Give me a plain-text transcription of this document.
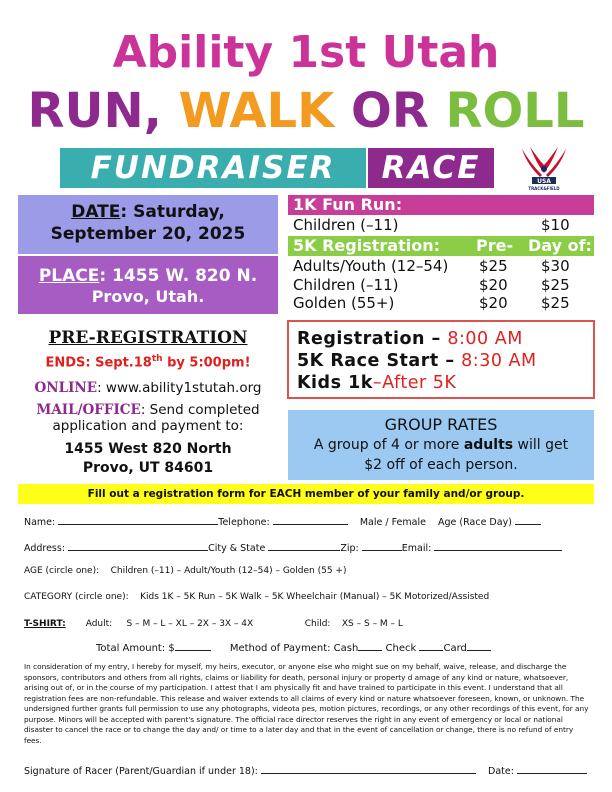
Ability 1st Utah
RUN, WALK OR ROLL
FUNDRAISER	RACE	USA
TRACK&FIELD
DATE: Saturday,
September 20, 2025
PLACE: 1455 W. 820 N.
Provo, Utah.
1K Fun Run:
Children (–11)	$10
5K Registration: Pre- Day of:
Adults/Youth (12–54) $25 $30
Children (–11)	$20 $25
Golden (55+)	$20 $25
PRE-REGISTRATION
ENDS: Sept.18th by 5:00pm!
ONLINE: www.ability1stutah.org
MAIL/OFFICE: Send completed
application and payment to:
1455 West 820 North
Provo, UT 84601
Registration – 8:00 AM
5K Race Start – 8:30 AM
Kids 1k–After 5K
GROUP RATES
A group of 4 or more adults will get
$2 off of each person.
Fill out a registration form for EACH member of your family and/or group.
Name:	Telephone:	Male / Female Age (Race Day)
Address:	City & State	Zip:	Email:
AGE (circle one): Children (–11) – Adult/Youth (12–54) – Golden (55 +)
CATEGORY (circle one): Kids 1K – 5K Run – 5K Walk – 5K Wheelchair (Manual) – 5K Motorized/Assisted
T-SHIRT: Adult: S – M – L – XL – 2X – 3X – 4X	Child: XS – S – M – L
Total Amount: $	Method of Payment: Cash	Check	Card
In consideration of my entry, I hereby for myself, my heirs, executor, or anyone else who might sue on my behalf, waive, release, and discharge the sponsors, contributors and others from all rights, claims or liability for death, personal injury or property d amage of any kind or nature, whatsoever, arising out of, or in the course of my participation. I attest that I am physically fit and have trained to participate in this event. I understand that all registration fees are non-refundable. This release and waiver extends to all claims of every kind or nature whatsoever foreseen, known, or unknown. The undersigned further grants full permission to use any photographs, videota pes, motion pictures, recordings, or any other recordings of this event, for any purpose. Minors will be accepted with parent's signature. The official race director reserves the right in any event of emergency or local or national disaster to cancel the race or to change the day and/ or time to a later day and that in the event of cancellation or change, there is no refund of entry fees.
Signature of Racer (Parent/Guardian if under 18):	Date:
